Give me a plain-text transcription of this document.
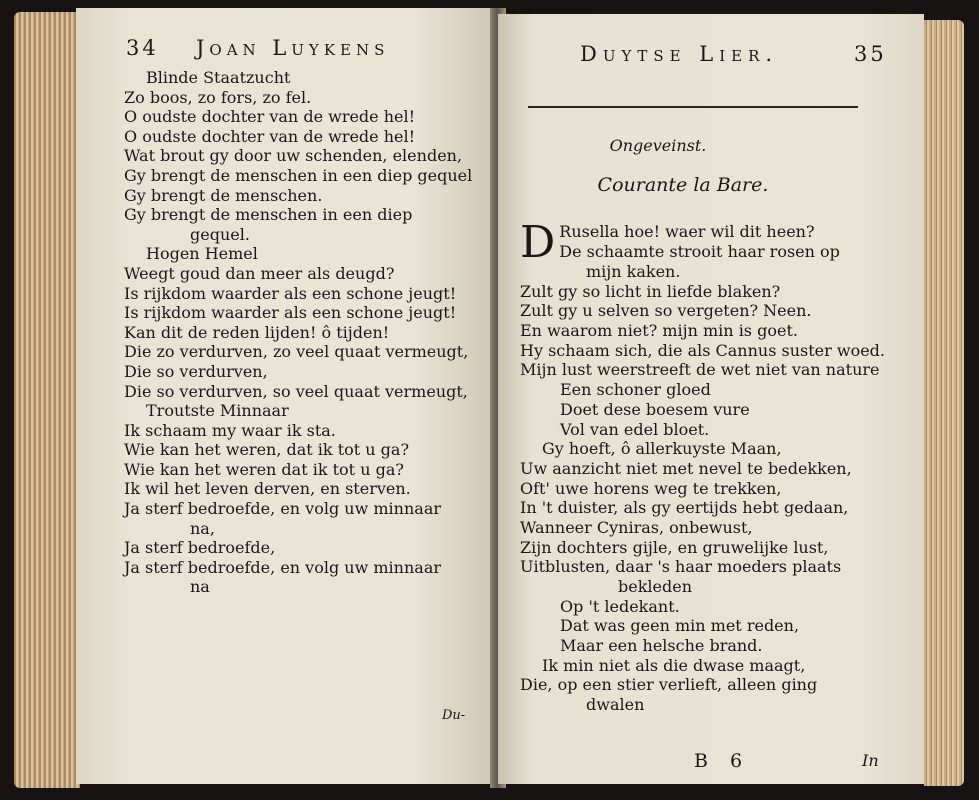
34 Joan Luykens
Blinde Staatzucht
Zo boos, zo fors, zo fel.
O oudste dochter van de wrede hel!
O oudste dochter van de wrede hel!
Wat brout gy door uw schenden, elenden,
Gy brengt de menschen in een diep gequel
Gy brengt de menschen.
Gy brengt de menschen in een diep
gequel.
Hogen Hemel
Weegt goud dan meer als deugd?
Is rijkdom waarder als een schone jeugt!
Is rijkdom waarder als een schone jeugt!
Kan dit de reden lijden! ô tijden!
Die zo verdurven, zo veel quaat vermeugt,
Die so verdurven,
Die so verdurven, so veel quaat vermeugt,
Troutste Minnaar
Ik schaam my waar ik sta.
Wie kan het weren, dat ik tot u ga?
Wie kan het weren dat ik tot u ga?
Ik wil het leven derven, en sterven.
Ja sterf bedroefde, en volg uw minnaar
na,
Ja sterf bedroefde,
Ja sterf bedroefde, en volg uw minnaar
na
Du-
Duytse Lier.	35
Ongeveinst.
Courante la Bare.
D Rusella hoe! waer wil dit heen?
De schaamte strooit haar rosen op
mijn kaken.
Zult gy so licht in liefde blaken?
Zult gy u selven so vergeten? Neen.
En waarom niet? mijn min is goet.
Hy schaam sich, die als Cannus suster woed.
Mijn lust weerstreeft de wet niet van nature
Een schoner gloed
Doet dese boesem vure
Vol van edel bloet.
Gy hoeft, ô allerkuyste Maan,
Uw aanzicht niet met nevel te bedekken,
Oft' uwe horens weg te trekken,
In 't duister, als gy eertijds hebt gedaan,
Wanneer Cyniras, onbewust,
Zijn dochters gijle, en gruwelijke lust,
Uitblusten, daar 's haar moeders plaats
bekleden
Op 't ledekant.
Dat was geen min met reden,
Maar een helsche brand.
Ik min niet als die dwase maagt,
Die, op een stier verlieft, alleen ging
dwalen
B 6	In
